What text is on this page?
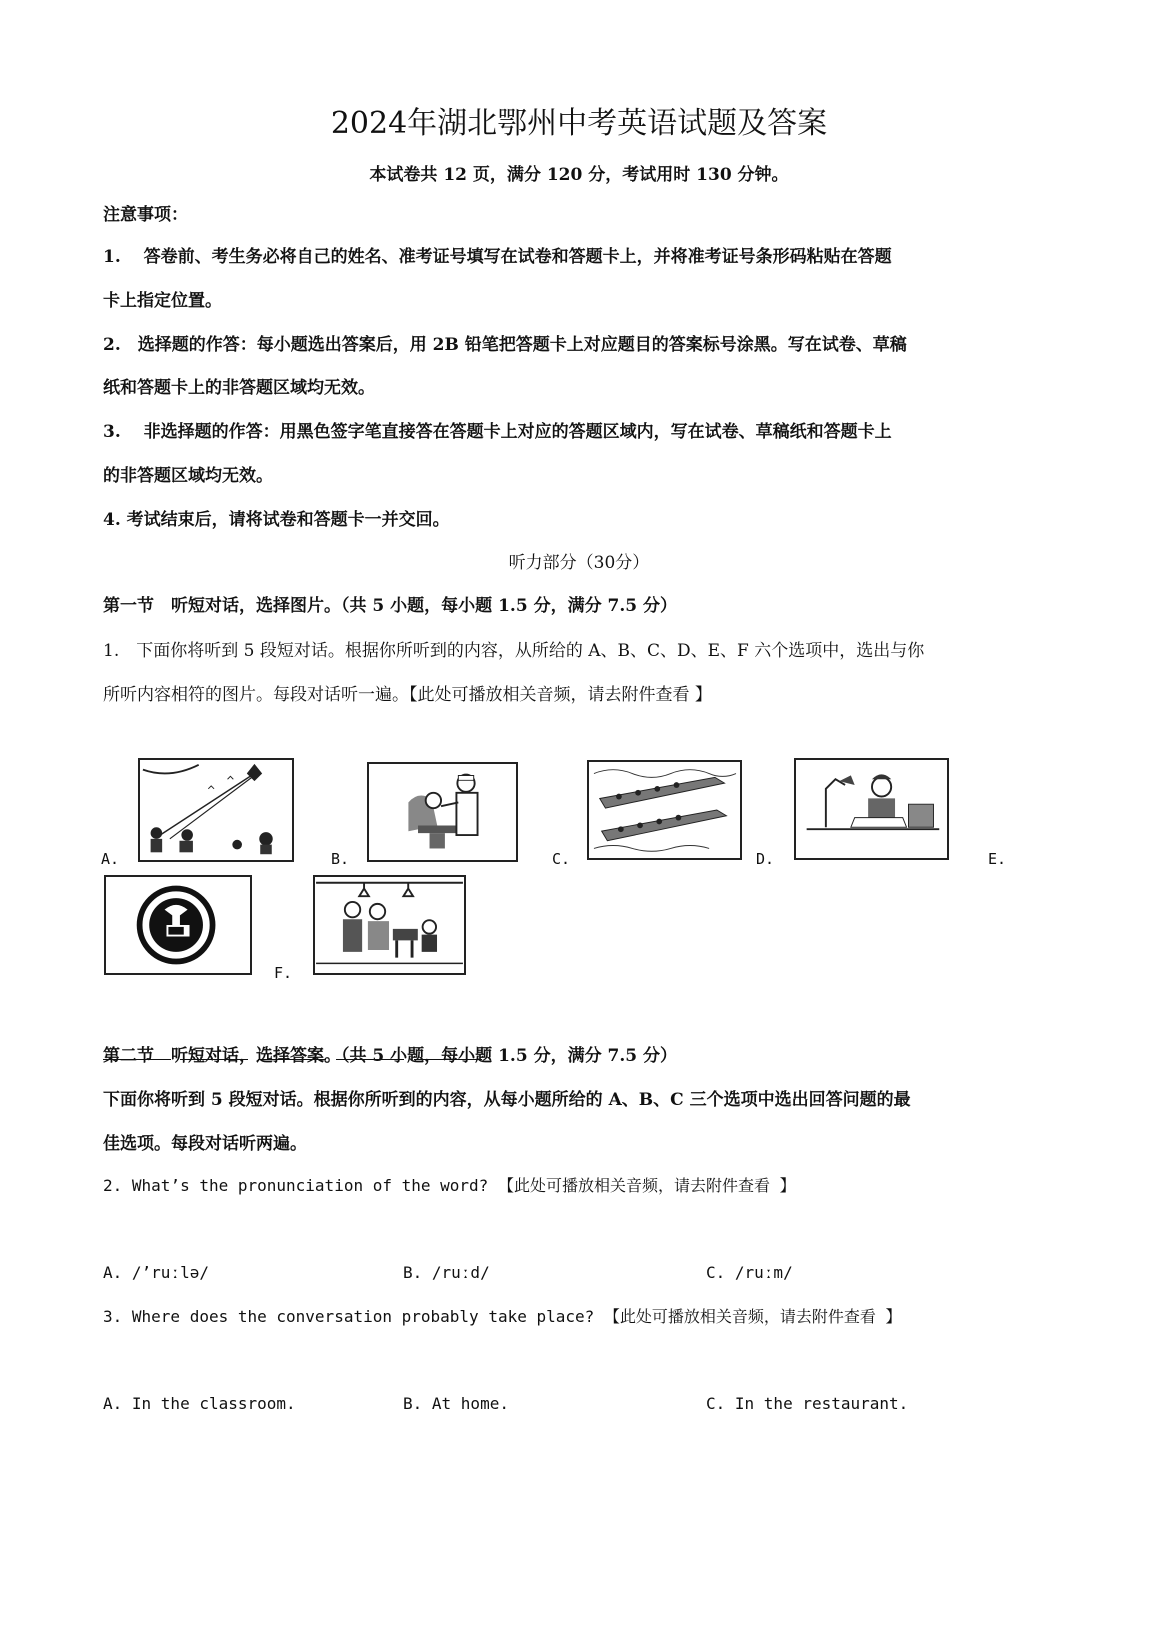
2024年湖北鄂州中考英语试题及答案
本试卷共 12 页，满分 120 分，考试用时 130 分钟。
注意事项：
1.　 答卷前、考生务必将自己的姓名、准考证号填写在试卷和答题卡上，并将准考证号条形码粘贴在答题
卡上指定位置。
2.　选择题的作答：每小题选出答案后，用 2B 铅笔把答题卡上对应题目的答案标号涂黑。写在试卷、草稿
纸和答题卡上的非答题区域均无效。
3.　 非选择题的作答：用黑色签字笔直接答在答题卡上对应的答题区域内，写在试卷、草稿纸和答题卡上
的非答题区域均无效。
4. 考试结束后，请将试卷和答题卡一并交回。
听力部分（30分）
第一节　听短对话，选择图片。（共 5 小题，每小题 1.5 分，满分 7.5 分）
1.　下面你将听到 5 段短对话。根据你所听到的内容，从所给的 A、B、C、D、E、F 六个选项中，选出与你
所听内容相符的图片。每段对话听一遍。【此处可播放相关音频，请去附件查看 】
A.	B.	C.	D.	E.
F.
第二节　听短对话，选择答案。（共 5 小题，每小题 1.5 分，满分 7.5 分）
下面你将听到 5 段短对话。根据你所听到的内容，从每小题所给的 A、B、C 三个选项中选出回答问题的最
佳选项。每段对话听两遍。
2. What’s the pronunciation of the word? 【此处可播放相关音频，请去附件查看 】
A. /’ruːlə/	B. /ruːd/	C. /ruːm/
3. Where does the conversation probably take place? 【此处可播放相关音频，请去附件查看 】
A. In the classroom.	B. At home.	C. In the restaurant.
